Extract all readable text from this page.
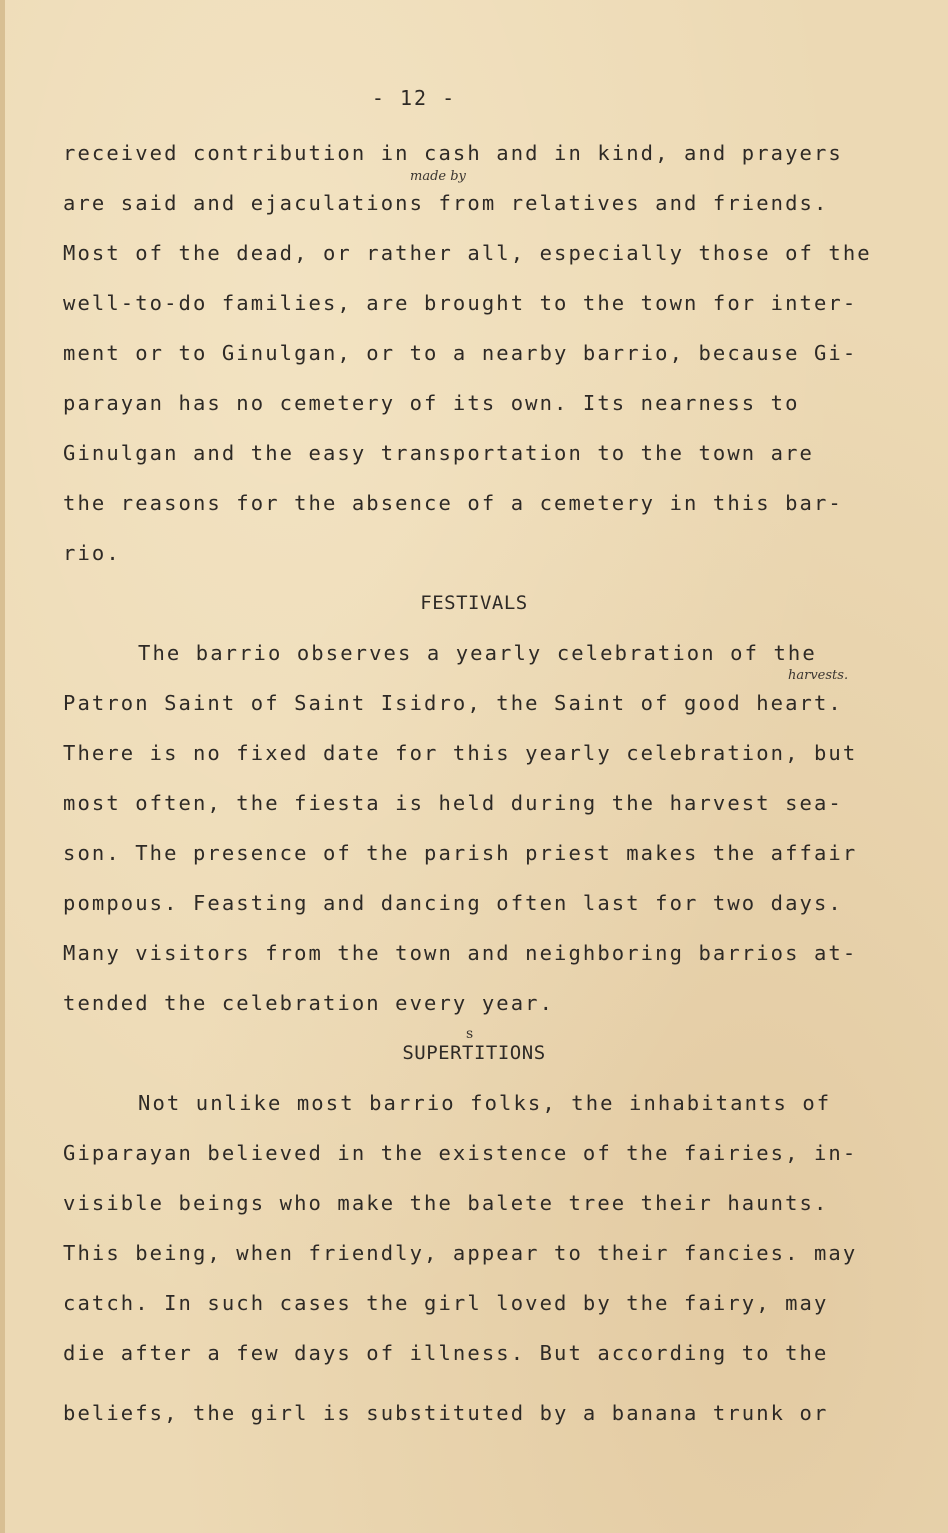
- 12 -
received contribution in cash and in kind, and prayers
made by
are said and ejaculations from relatives and friends.
Most of the dead, or rather all, especially those of the
well-to-do families, are brought to the town for inter-
ment or to Ginulgan, or to a nearby barrio, because Gi-
parayan has no cemetery of its own. Its nearness to
Ginulgan and the easy transportation to the town are
the reasons for the absence of a cemetery in this bar-
rio.
FESTIVALS
The barrio observes a yearly celebration of the
harvests.
Patron Saint of Saint Isidro, the Saint of good heart.
There is no fixed date for this yearly celebration, but
most often, the fiesta is held during the harvest sea-
son. The presence of the parish priest makes the affair
pompous. Feasting and dancing often last for two days.
Many visitors from the town and neighboring barrios at-
tended the celebration every year.
s
SUPERTITIONS
Not unlike most barrio folks, the inhabitants of
Giparayan believed in the existence of the fairies, in-
visible beings who make the balete tree their haunts.
This being, when friendly, appear to their fancies. may
catch. In such cases the girl loved by the fairy, may
die after a few days of illness. But according to the
beliefs, the girl is substituted by a banana trunk or
